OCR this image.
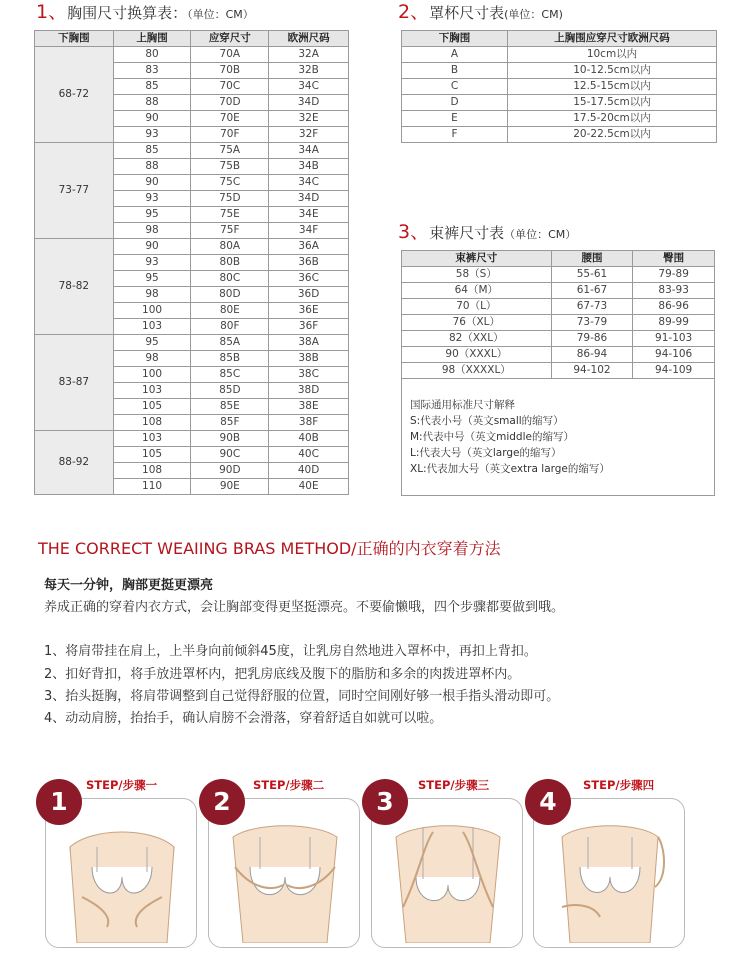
1、胸围尺寸换算表：（单位：CM）	2、罩杯尺寸表(单位：CM)
3、束裤尺寸表（单位：CM）
下胸围	上胸围	应穿尺寸	欧洲尺码
68-72	80	70A	32A
	83	70B	32B
	85	70C	34C
	88	70D	34D
	90	70E	32E
	93	70F	32F
73-77	85	75A	34A
	88	75B	34B
	90	75C	34C
	93	75D	34D
	95	75E	34E
	98	75F	34F
78-82	90	80A	36A
	93	80B	36B
	95	80C	36C
	98	80D	36D
	100	80E	36E
	103	80F	36F
83-87	95	85A	38A
	98	85B	38B
	100	85C	38C
	103	85D	38D
	105	85E	38E
	108	85F	38F
88-92	103	90B	40B
	105	90C	40C
	108	90D	40D
	110	90E	40E
下胸围	上胸围应穿尺寸欧洲尺码
A	10cm以内
B	10-12.5cm以内
C	12.5-15cm以内
D	15-17.5cm以内
E	17.5-20cm以内
F	20-22.5cm以内
束裤尺寸	腰围	臀围
58（S）	55-61	79-89
64（M）	61-67	83-93
70（L）	67-73	86-96
76（XL）	73-79	89-99
82（XXL）	79-86	91-103
90（XXXL）	86-94	94-106
98（XXXXL）	94-102	94-109
国际通用标准尺寸解释
S:代表小号（英文small的缩写）
M:代表中号（英文middle的缩写）
L:代表大号（英文large的缩写）
XL:代表加大号（英文extra large的缩写）
THE CORRECT WEAIING BRAS METHOD/正确的内衣穿着方法
每天一分钟，胸部更挺更漂亮
养成正确的穿着内衣方式，会让胸部变得更坚挺漂亮。不要偷懒哦，四个步骤都要做到哦。
1、将肩带挂在肩上，上半身向前倾斜45度，让乳房自然地进入罩杯中，再扣上背扣。
2、扣好背扣，将手放进罩杯内，把乳房底线及腹下的脂肪和多余的肉拨进罩杯内。
3、抬头挺胸，将肩带调整到自己觉得舒服的位置，同时空间刚好够一根手指头滑动即可。
4、动动肩膀，抬抬手，确认肩膀不会滑落，穿着舒适自如就可以啦。
1
STEP/步骤一
2
STEP/步骤二
3
STEP/步骤三
4
STEP/步骤四
